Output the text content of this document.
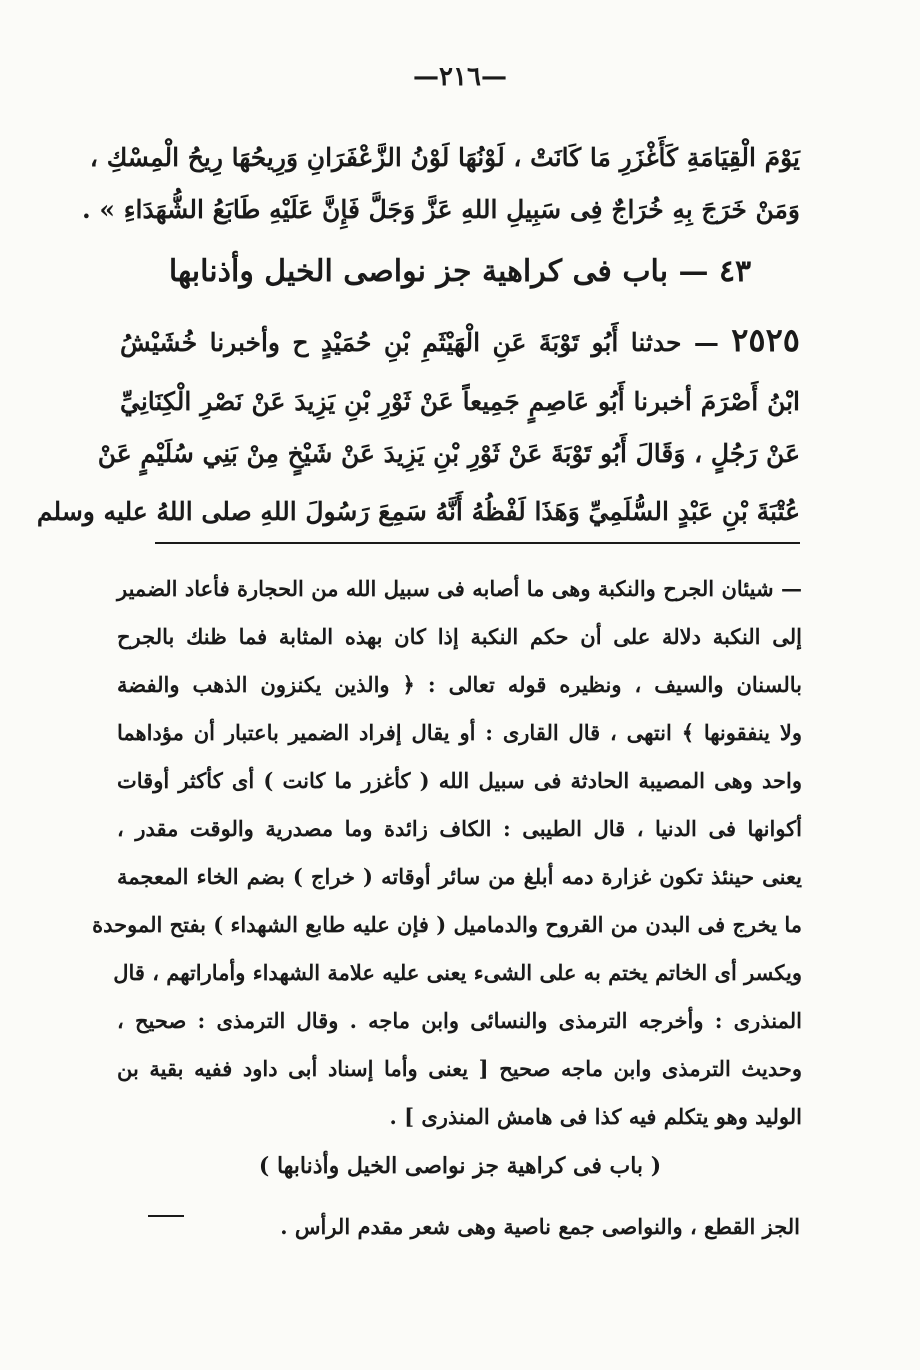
—٢١٦—
يَوْمَ الْقِيَامَةِ كَأَغْزَرِ مَا كَانَتْ ، لَوْنُهَا لَوْنُ الزَّعْفَرَانِ وَرِيحُهَا رِيحُ الْمِسْكِ ،
وَمَنْ خَرَجَ بِهِ خُرَاجٌ فِى سَبِيلِ اللهِ عَزَّ وَجَلَّ فَإِنَّ عَلَيْهِ طَابَعُ الشُّهَدَاءِ » .
٤٣ — باب فى كراهية جز نواصى الخيل وأذنابها
٢٥٢٥ — حدثنا أَبُو تَوْبَةَ عَنِ الْهَيْثَمِ بْنِ حُمَيْدٍ ح وأخبرنا خُشَيْشُ
ابْنُ أَصْرَمَ أخبرنا أَبُو عَاصِمٍ جَمِيعاً عَنْ ثَوْرِ بْنِ يَزِيدَ عَنْ نَصْرِ الْكِنَانِيِّ
عَنْ رَجُلٍ ، وَقَالَ أَبُو تَوْبَةَ عَنْ ثَوْرِ بْنِ يَزِيدَ عَنْ شَيْخٍ مِنْ بَنِي سُلَيْمٍ عَنْ
عُتْبَةَ بْنِ عَبْدٍ السُّلَمِيِّ وَهَذَا لَفْظُهُ أَنَّهُ سَمِعَ رَسُولَ اللهِ صلى اللهُ عليه وسلم
— شيئان الجرح والنكبة وهى ما أصابه فى سبيل الله من الحجارة فأعاد الضمير
إلى النكبة دلالة على أن حكم النكبة إذا كان بهذه المثابة فما ظنك بالجرح
بالسنان والسيف ، ونظيره قوله تعالى : ﴿ والذين يكنزون الذهب والفضة
ولا ينفقونها ﴾ انتهى ، قال القارى : أو يقال إفراد الضمير باعتبار أن مؤداهما
واحد وهى المصيبة الحادثة فى سبيل الله ( كأغزر ما كانت ) أى كأكثر أوقات
أكوانها فى الدنيا ، قال الطيبى : الكاف زائدة وما مصدرية والوقت مقدر ،
يعنى حينئذ تكون غزارة دمه أبلغ من سائر أوقاته ( خراج ) بضم الخاء المعجمة
ما يخرج فى البدن من القروح والدماميل ( فإن عليه طابع الشهداء ) بفتح الموحدة
ويكسر أى الخاتم يختم به على الشىء يعنى عليه علامة الشهداء وأماراتهم ، قال
المنذرى : وأخرجه الترمذى والنسائى وابن ماجه . وقال الترمذى : صحيح ،
وحديث الترمذى وابن ماجه صحيح [ يعنى وأما إسناد أبى داود ففيه بقية بن
الوليد وهو يتكلم فيه كذا فى هامش المنذرى ] .
( باب فى كراهية جز نواصى الخيل وأذنابها )
الجز القطع ، والنواصى جمع ناصية وهى شعر مقدم الرأس .
